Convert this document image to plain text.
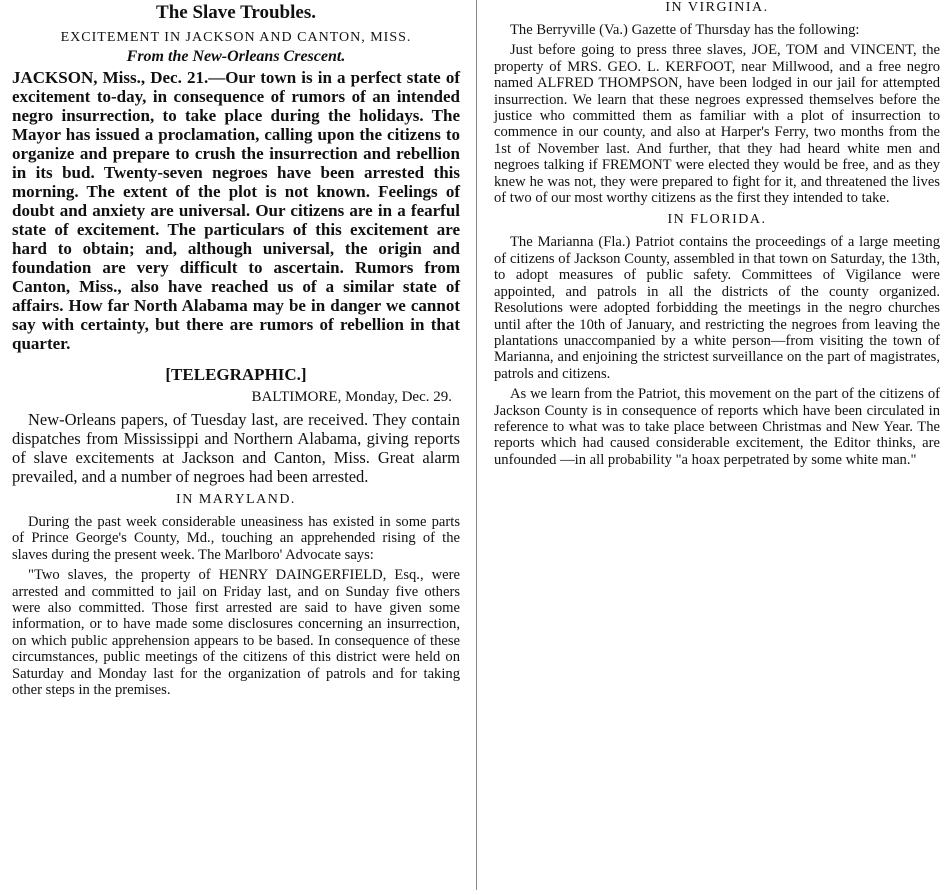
The Slave Troubles.
EXCITEMENT IN JACKSON AND CANTON, MISS.
From the New-Orleans Crescent.

JACKSON, Miss., Dec. 21.—Our town is in a perfect state of excitement to-day, in consequence of rumors of an intended negro insurrection, to take place during the holidays. The Mayor has issued a proclamation, calling upon the citizens to organize and prepare to crush the insurrection and rebellion in its bud. Twenty-seven negroes have been arrested this morning. The extent of the plot is not known. Feelings of doubt and anxiety are universal. Our citizens are in a fearful state of excitement. The particulars of this excitement are hard to obtain; and, although universal, the origin and foundation are very difficult to ascertain. Rumors from Canton, Miss., also have reached us of a similar state of affairs. How far North Alabama may be in danger we cannot say with certainty, but there are rumors of rebellion in that quarter.

[TELEGRAPHIC.]
BALTIMORE, Monday, Dec. 29.

New-Orleans papers, of Tuesday last, are received. They contain dispatches from Mississippi and Northern Alabama, giving reports of slave excitements at Jackson and Canton, Miss. Great alarm prevailed, and a number of negroes had been arrested.

IN MARYLAND.

During the past week considerable uneasiness has existed in some parts of Prince George's County, Md., touching an apprehended rising of the slaves during the present week. The Marlboro' Advocate says:

"Two slaves, the property of HENRY DAINGERFIELD, Esq., were arrested and committed to jail on Friday last, and on Sunday five others were also committed. Those first arrested are said to have given some information, or to have made some disclosures concerning an insurrection, on which public apprehension appears to be based. In consequence of these circumstances, public meetings of the citizens of this district were held on Saturday and Monday last for the organization of patrols and for taking other steps in the premises.

IN VIRGINIA.

The Berryville (Va.) Gazette of Thursday has the following:

Just before going to press three slaves, JOE, TOM and VINCENT, the property of MRS. GEO. L. KERFOOT, near Millwood, and a free negro named ALFRED THOMPSON, have been lodged in our jail for attempted insurrection. We learn that these negroes expressed themselves before the justice who committed them as familiar with a plot of insurrection to commence in our county, and also at Harper's Ferry, two months from the 1st of November last. And further, that they had heard white men and negroes talking if FREMONT were elected they would be free, and as they knew he was not, they were prepared to fight for it, and threatened the lives of two of our most worthy citizens as the first they intended to take.

IN FLORIDA.

The Marianna (Fla.) Patriot contains the proceedings of a large meeting of citizens of Jackson County, assembled in that town on Saturday, the 13th, to adopt measures of public safety. Committees of Vigilance were appointed, and patrols in all the districts of the county organized. Resolutions were adopted forbidding the meetings in the negro churches until after the 10th of January, and restricting the negroes from leaving the plantations unaccompanied by a white person—from visiting the town of Marianna, and enjoining the strictest surveillance on the part of magistrates, patrols and citizens.

As we learn from the Patriot, this movement on the part of the citizens of Jackson County is in consequence of reports which have been circulated in reference to what was to take place between Christmas and New Year. The reports which had caused considerable excitement, the Editor thinks, are unfounded —in all probability "a hoax perpetrated by some white man."
